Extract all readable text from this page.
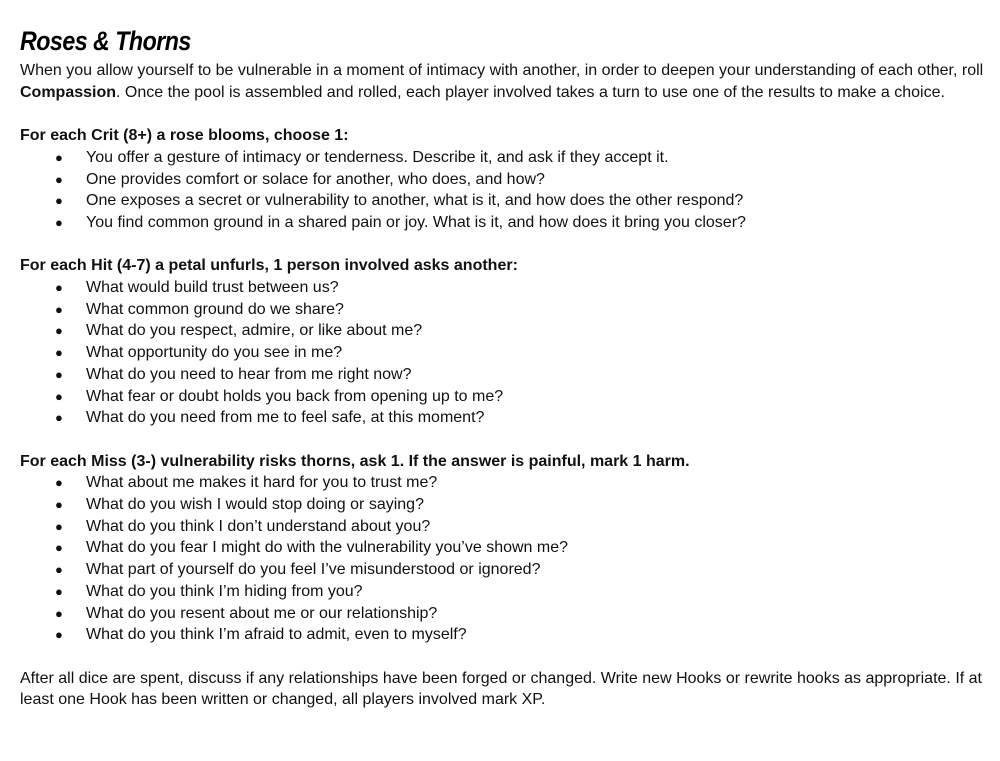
Roses & Thorns

When you allow yourself to be vulnerable in a moment of intimacy with another, in order to deepen your understanding of each other, roll Compassion. Once the pool is assembled and rolled, each player involved takes a turn to use one of the results to make a choice.

For each Crit (8+) a rose blooms, choose 1:

● You offer a gesture of intimacy or tenderness. Describe it, and ask if they accept it.
● One provides comfort or solace for another, who does, and how?
● One exposes a secret or vulnerability to another, what is it, and how does the other respond?
● You find common ground in a shared pain or joy. What is it, and how does it bring you closer?

For each Hit (4-7) a petal unfurls, 1 person involved asks another:

● What would build trust between us?
● What common ground do we share?
● What do you respect, admire, or like about me?
● What opportunity do you see in me?
● What do you need to hear from me right now?
● What fear or doubt holds you back from opening up to me?
● What do you need from me to feel safe, at this moment?

For each Miss (3-) vulnerability risks thorns, ask 1. If the answer is painful, mark 1 harm.

● What about me makes it hard for you to trust me?
● What do you wish I would stop doing or saying?
● What do you think I don’t understand about you?
● What do you fear I might do with the vulnerability you’ve shown me?
● What part of yourself do you feel I’ve misunderstood or ignored?
● What do you think I’m hiding from you?
● What do you resent about me or our relationship?
● What do you think I’m afraid to admit, even to myself?

After all dice are spent, discuss if any relationships have been forged or changed. Write new Hooks or rewrite hooks as appropriate. If at least one Hook has been written or changed, all players involved mark XP.
